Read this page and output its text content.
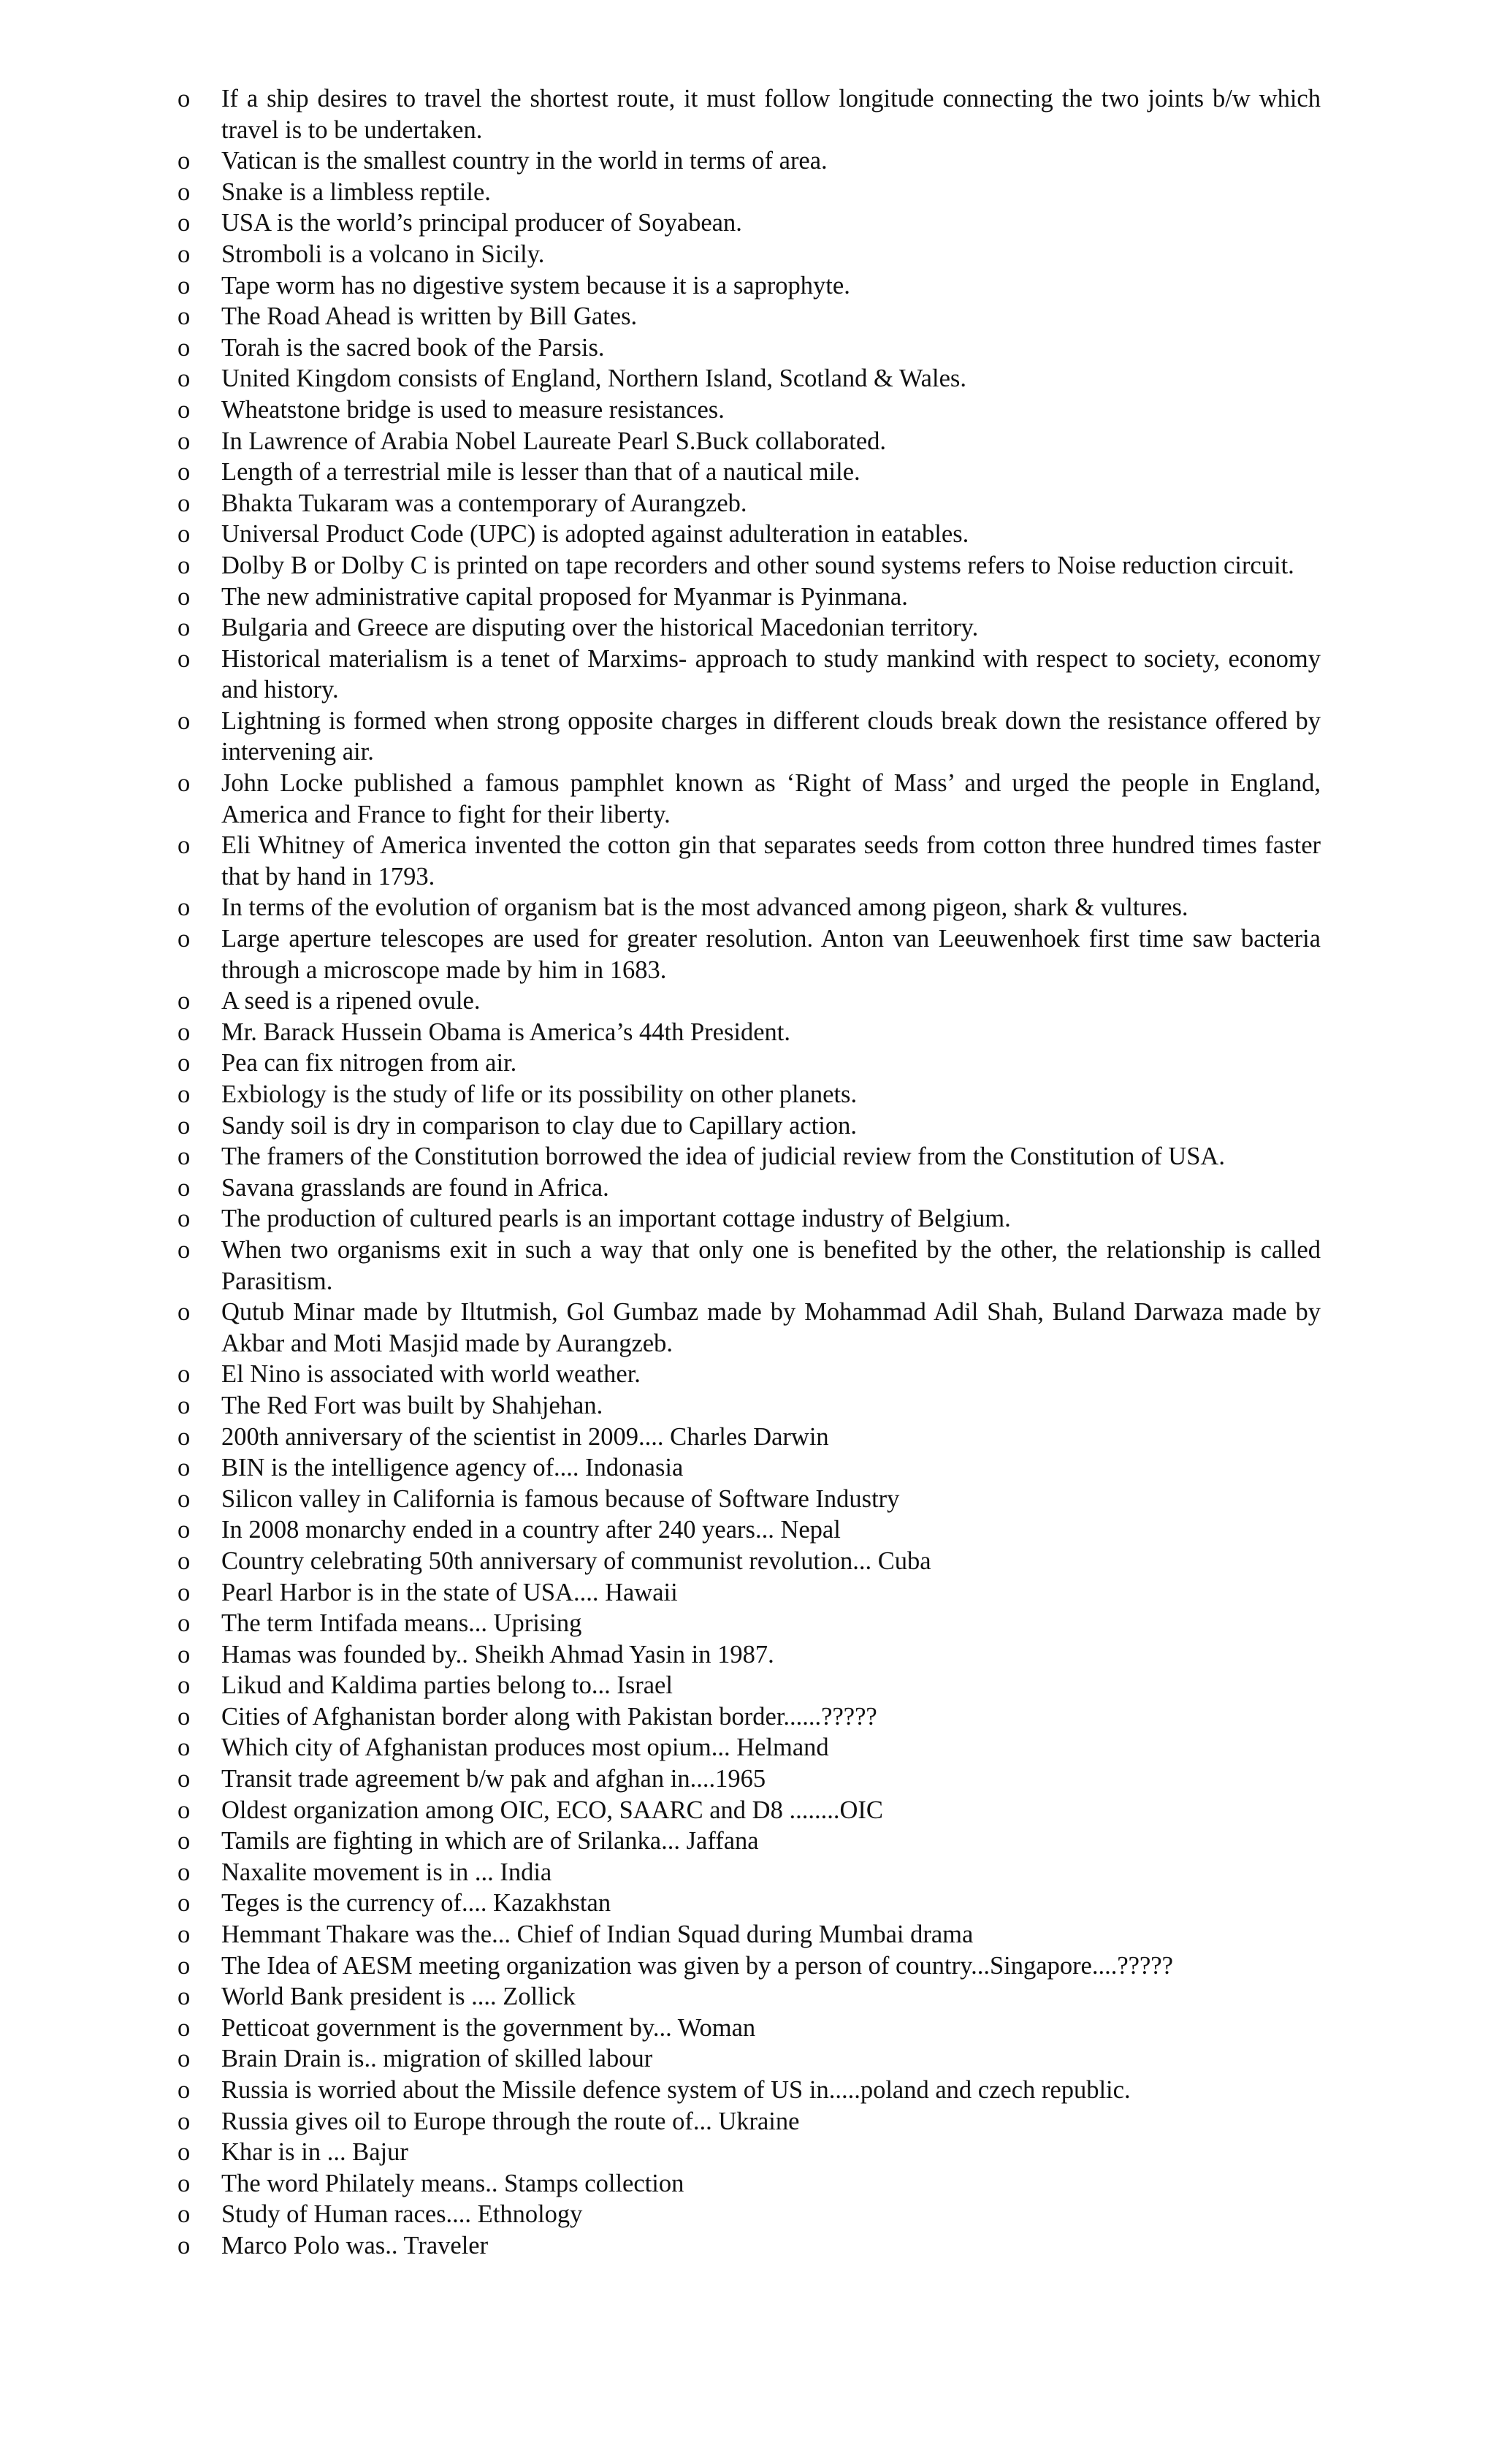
o	If a ship desires to travel the shortest route, it must follow longitude connecting the two joints b/w which travel is to be undertaken.
o	Vatican is the smallest country in the world in terms of area.
o	Snake is a limbless reptile.
o	USA is the world’s principal producer of Soyabean.
o	Stromboli is a volcano in Sicily.
o	Tape worm has no digestive system because it is a saprophyte.
o	The Road Ahead is written by Bill Gates.
o	Torah is the sacred book of the Parsis.
o	United Kingdom consists of England, Northern Island, Scotland & Wales.
o	Wheatstone bridge is used to measure resistances.
o	In Lawrence of Arabia Nobel Laureate Pearl S.Buck collaborated.
o	Length of a terrestrial mile is lesser than that of a nautical mile.
o	Bhakta Tukaram was a contemporary of Aurangzeb.
o	Universal Product Code (UPC) is adopted against adulteration in eatables.
o	Dolby B or Dolby C is printed on tape recorders and other sound systems refers to Noise reduction circuit.
o	The new administrative capital proposed for Myanmar is Pyinmana.
o	Bulgaria and Greece are disputing over the historical Macedonian territory.
o	Historical materialism is a tenet of Marxims- approach to study mankind with respect to society, economy and history.
o	Lightning is formed when strong opposite charges in different clouds break down the resistance offered by intervening air.
o	John Locke published a famous pamphlet known as ‘Right of Mass’ and urged the people in England, America and France to fight for their liberty.
o	Eli Whitney of America invented the cotton gin that separates seeds from cotton three hundred times faster that by hand in 1793.
o	In terms of the evolution of organism bat is the most advanced among pigeon, shark & vultures.
o	Large aperture telescopes are used for greater resolution. Anton van Leeuwenhoek first time saw bacteria through a microscope made by him in 1683.
o	A seed is a ripened ovule.
o	Mr. Barack Hussein Obama is America’s 44th President.
o	Pea can fix nitrogen from air.
o	Exbiology is the study of life or its possibility on other planets.
o	Sandy soil is dry in comparison to clay due to Capillary action.
o	The framers of the Constitution borrowed the idea of judicial review from the Constitution of USA.
o	Savana grasslands are found in Africa.
o	The production of cultured pearls is an important cottage industry of Belgium.
o	When two organisms exit in such a way that only one is benefited by the other, the relationship is called Parasitism.
o	Qutub Minar made by Iltutmish, Gol Gumbaz made by Mohammad Adil Shah, Buland Darwaza made by Akbar and Moti Masjid made by Aurangzeb.
o	El Nino is associated with world weather.
o	The Red Fort was built by Shahjehan.
o	200th anniversary of the scientist in 2009.... Charles Darwin
o	BIN is the intelligence agency of.... Indonasia
o	Silicon valley in California is famous because of Software Industry
o	In 2008 monarchy ended in a country after 240 years... Nepal
o	Country celebrating 50th anniversary of communist revolution... Cuba
o	Pearl Harbor is in the state of USA.... Hawaii
o	The term Intifada means... Uprising
o	Hamas was founded by.. Sheikh Ahmad Yasin in 1987.
o	Likud and Kaldima parties belong to... Israel
o	Cities of Afghanistan border along with Pakistan border......?????
o	Which city of Afghanistan produces most opium... Helmand
o	Transit trade agreement b/w pak and afghan in....1965
o	Oldest organization among OIC, ECO, SAARC and D8 ........OIC
o	Tamils are fighting in which are of Srilanka... Jaffana
o	Naxalite movement is in ... India
o	Teges is the currency of.... Kazakhstan
o	Hemmant Thakare was the... Chief of Indian Squad during Mumbai drama
o	The Idea of AESM meeting organization was given by a person of country...Singapore....?????
o	World Bank president is .... Zollick
o	Petticoat government is the government by... Woman
o	Brain Drain is.. migration of skilled labour
o	Russia is worried about the Missile defence system of US in.....poland and czech republic.
o	Russia gives oil to Europe through the route of... Ukraine
o	Khar is in ... Bajur
o	The word Philately means.. Stamps collection
o	Study of Human races.... Ethnology
o	Marco Polo was.. Traveler
